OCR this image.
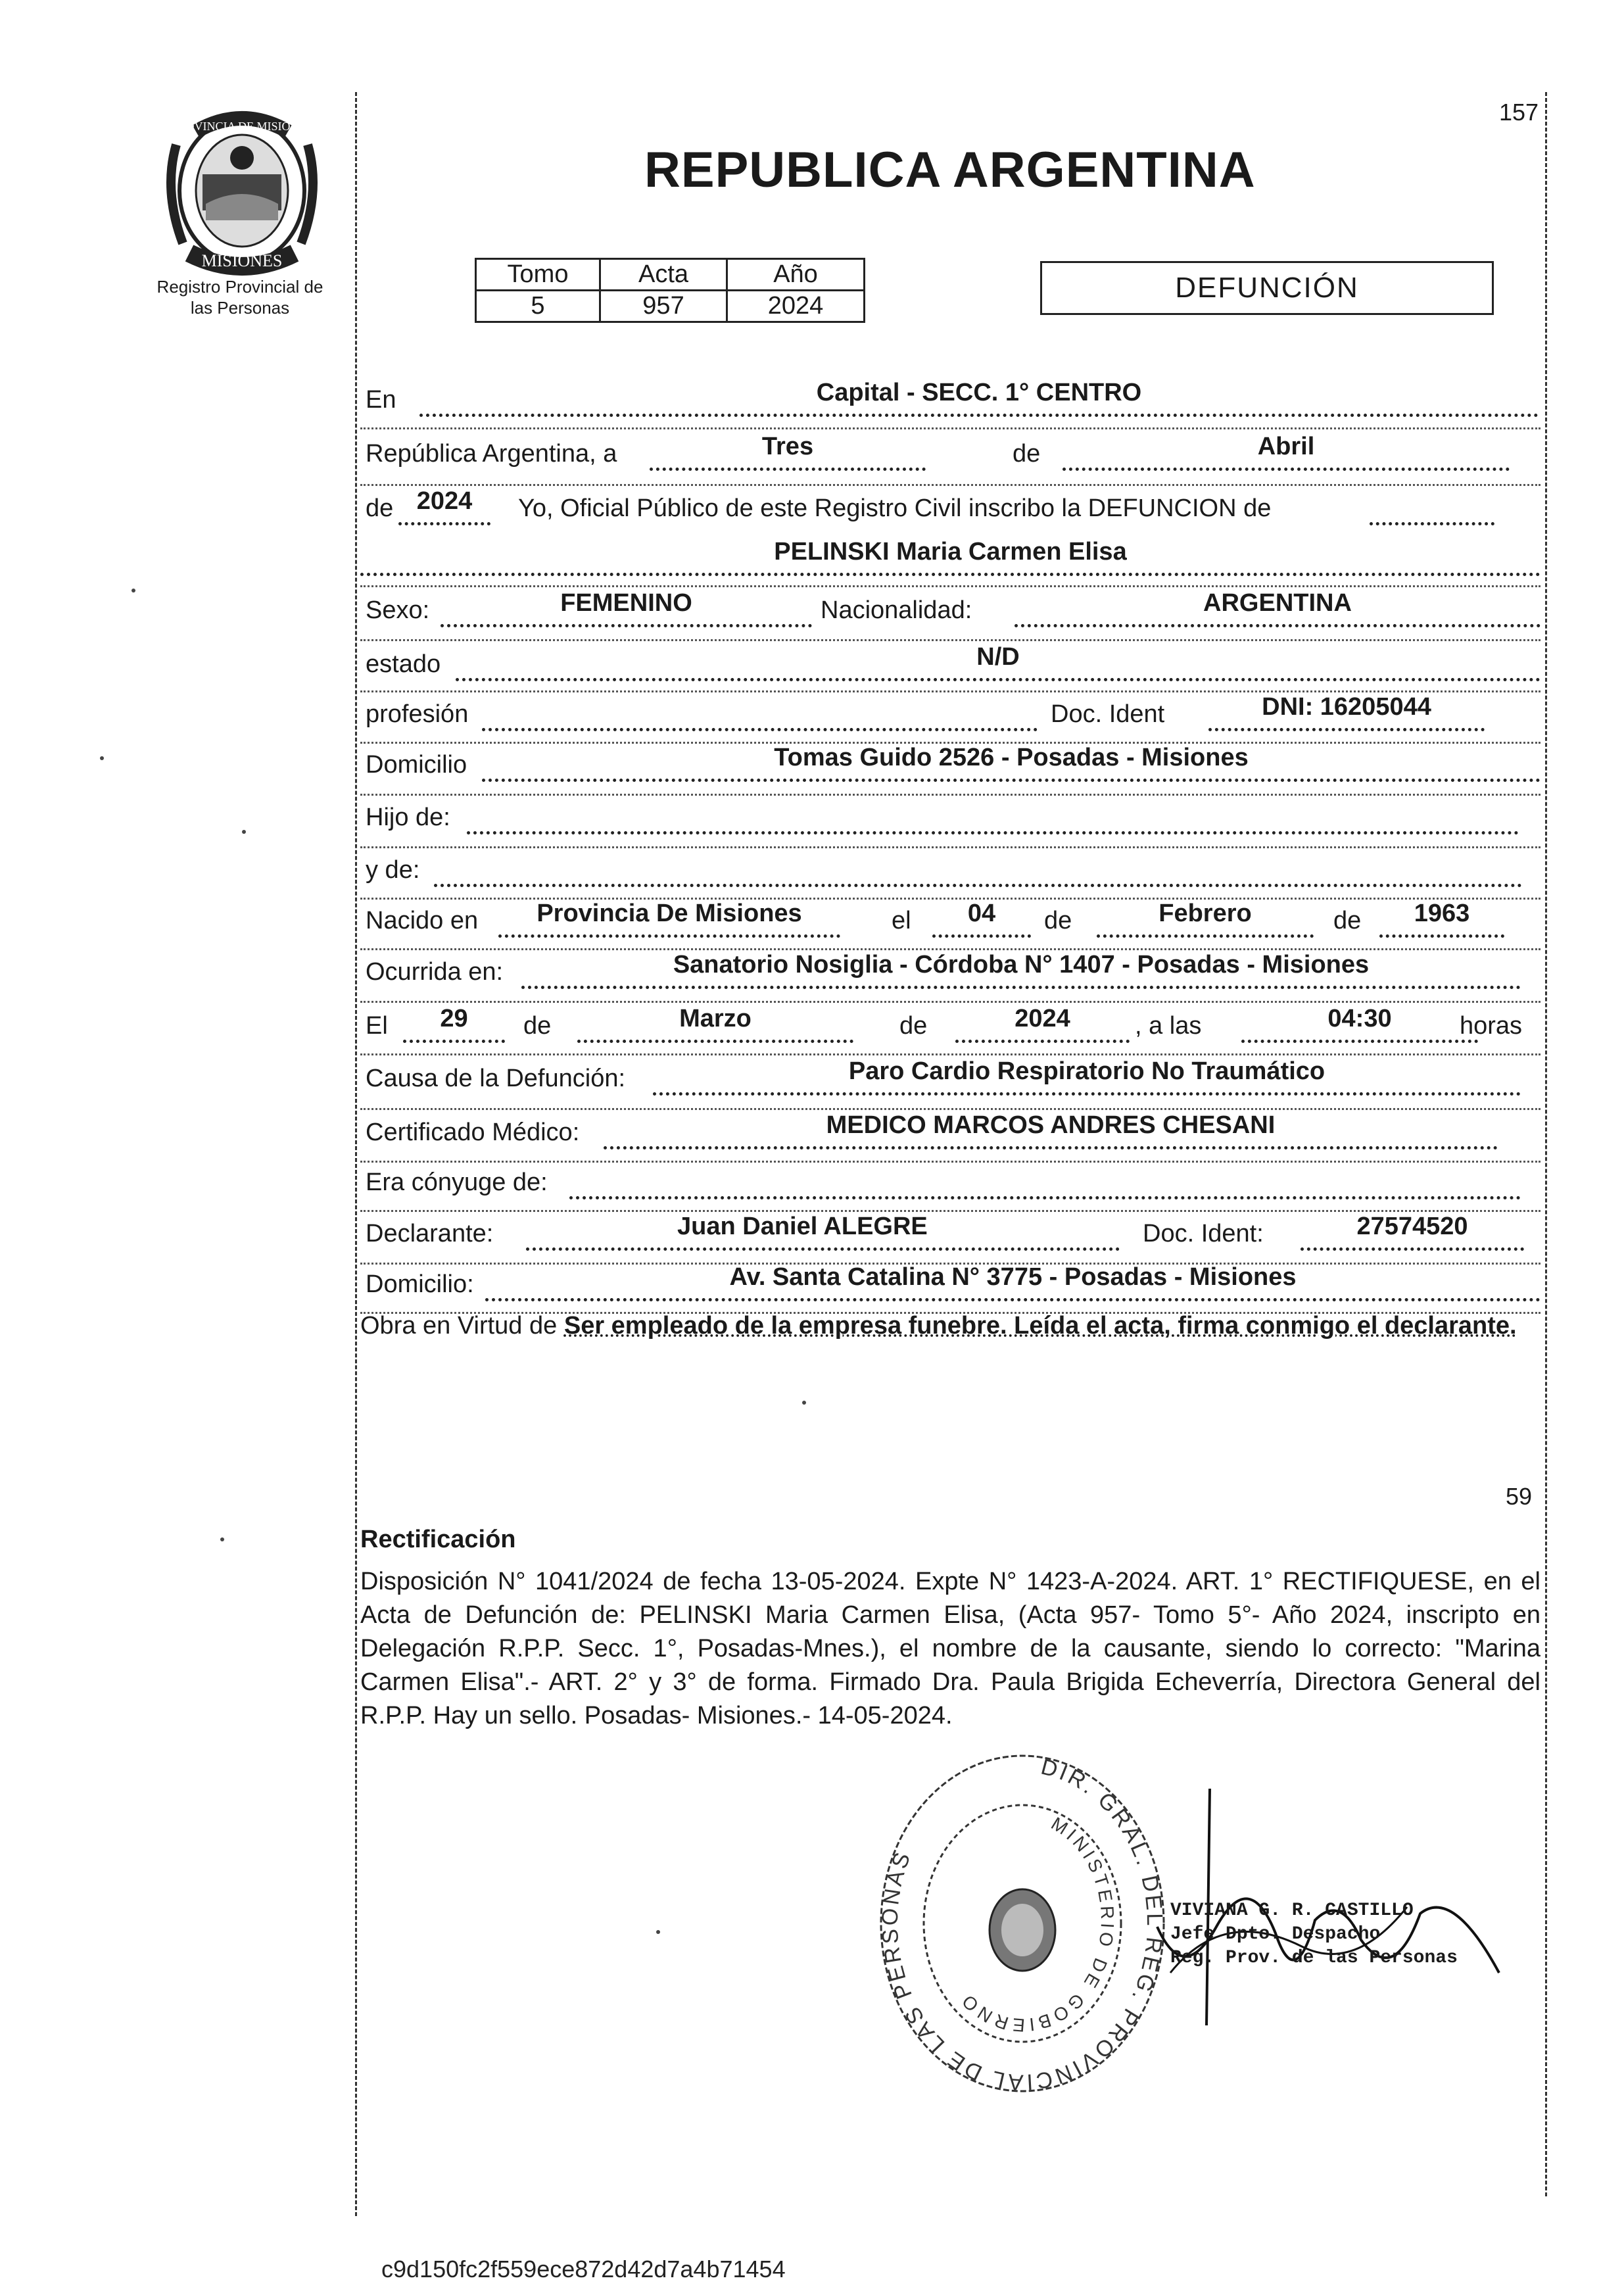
PROVINCIA DE MISIONES
MISIONES
Registro Provincial de
las Personas
157
REPUBLICA ARGENTINA
Tomo	Acta	Año
5	957	2024
DEFUNCIÓN
En	Capital - SECC. 1° CENTRO
República Argentina, a	Tres	de	Abril
de 2024	Yo, Oficial Público de este Registro Civil inscribo la DEFUNCION de
PELINSKI Maria Carmen Elisa
Sexo:	FEMENINO	Nacionalidad:	ARGENTINA
estado	N/D
profesión	Doc. Ident	DNI: 16205044
Domicilio	Tomas Guido 2526 - Posadas - Misiones
Hijo de:
y de:
Nacido en	Provincia De Misiones	el	04	de	Febrero	de	1963
Ocurrida en:	Sanatorio Nosiglia - Córdoba N° 1407 - Posadas - Misiones
El	29	de	Marzo	de	2024	, a las	04:30	horas
Causa de la Defunción:	Paro Cardio Respiratorio No Traumático
Certificado Médico:	MEDICO MARCOS ANDRES CHESANI
Era cónyuge de:
Declarante:	Juan Daniel ALEGRE	Doc. Ident:	27574520
Domicilio:	Av. Santa Catalina N° 3775 - Posadas - Misiones
Obra en Virtud de Ser empleado de la empresa funebre. Leída el acta, firma conmigo el declarante.
59
Rectificación
Disposición N° 1041/2024 de fecha 13-05-2024. Expte N° 1423-A-2024. ART. 1° RECTIFIQUESE, en el Acta de Defunción de: PELINSKI Maria Carmen Elisa, (Acta 957- Tomo 5°- Año 2024, inscripto en Delegación R.P.P. Secc. 1°, Posadas-Mnes.), el nombre de la causante, siendo lo correcto: "Marina Carmen Elisa".- ART. 2° y 3° de forma. Firmado Dra. Paula Brigida Echeverría, Directora General del R.P.P. Hay un sello. Posadas- Misiones.- 14-05-2024.
DIR. GRAL. DEL REG. PROVINCIAL DE LAS PERSONAS
MINISTERIO DE GOBIERNO
VIVIANA G. R. CASTILLO
Jefe Dpto. Despacho
Reg. Prov. de las Personas
c9d150fc2f559ece872d42d7a4b71454
